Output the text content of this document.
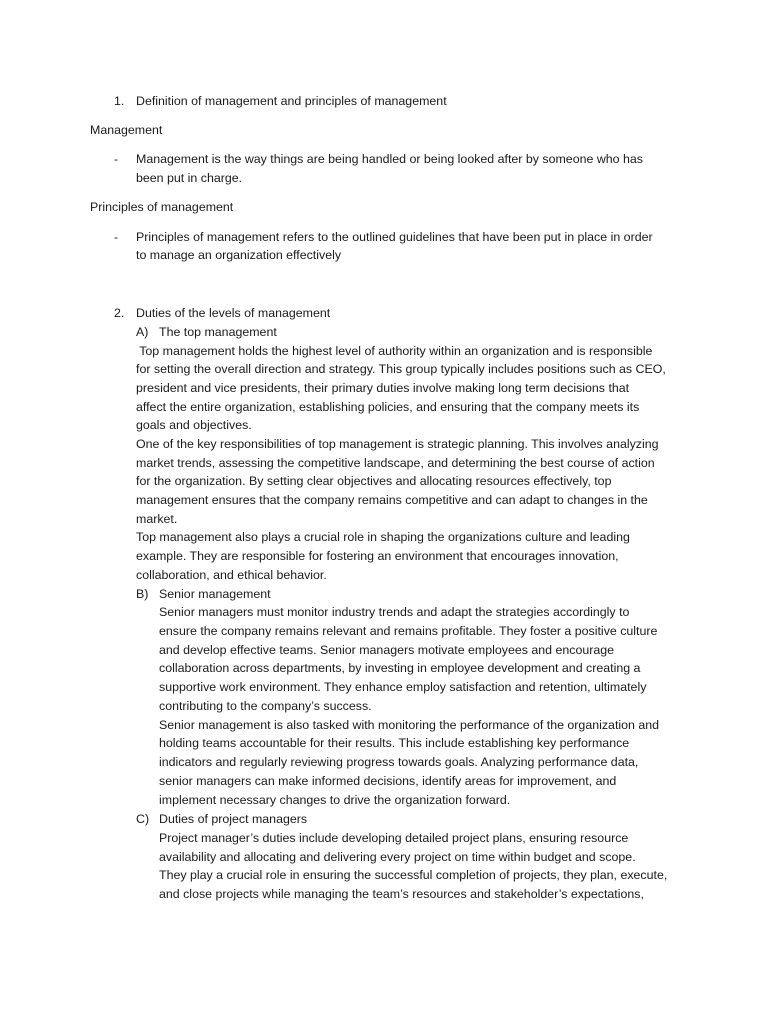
1. Definition of management and principles of management
Management
- Management is the way things are being handled or being looked after by someone who has
been put in charge.
Principles of management
- Principles of management refers to the outlined guidelines that have been put in place in order
to manage an organization effectively
2. Duties of the levels of management
A) The top management
Top management holds the highest level of authority within an organization and is responsible
for setting the overall direction and strategy. This group typically includes positions such as CEO,
president and vice presidents, their primary duties involve making long term decisions that
affect the entire organization, establishing policies, and ensuring that the company meets its
goals and objectives.
One of the key responsibilities of top management is strategic planning. This involves analyzing
market trends, assessing the competitive landscape, and determining the best course of action
for the organization. By setting clear objectives and allocating resources effectively, top
management ensures that the company remains competitive and can adapt to changes in the
market.
Top management also plays a crucial role in shaping the organizations culture and leading
example. They are responsible for fostering an environment that encourages innovation,
collaboration, and ethical behavior.
B) Senior management
Senior managers must monitor industry trends and adapt the strategies accordingly to
ensure the company remains relevant and remains profitable. They foster a positive culture
and develop effective teams. Senior managers motivate employees and encourage
collaboration across departments, by investing in employee development and creating a
supportive work environment. They enhance employ satisfaction and retention, ultimately
contributing to the company’s success.
Senior management is also tasked with monitoring the performance of the organization and
holding teams accountable for their results. This include establishing key performance
indicators and regularly reviewing progress towards goals. Analyzing performance data,
senior managers can make informed decisions, identify areas for improvement, and
implement necessary changes to drive the organization forward.
C) Duties of project managers
Project manager’s duties include developing detailed project plans, ensuring resource
availability and allocating and delivering every project on time within budget and scope.
They play a crucial role in ensuring the successful completion of projects, they plan, execute,
and close projects while managing the team’s resources and stakeholder’s expectations,
